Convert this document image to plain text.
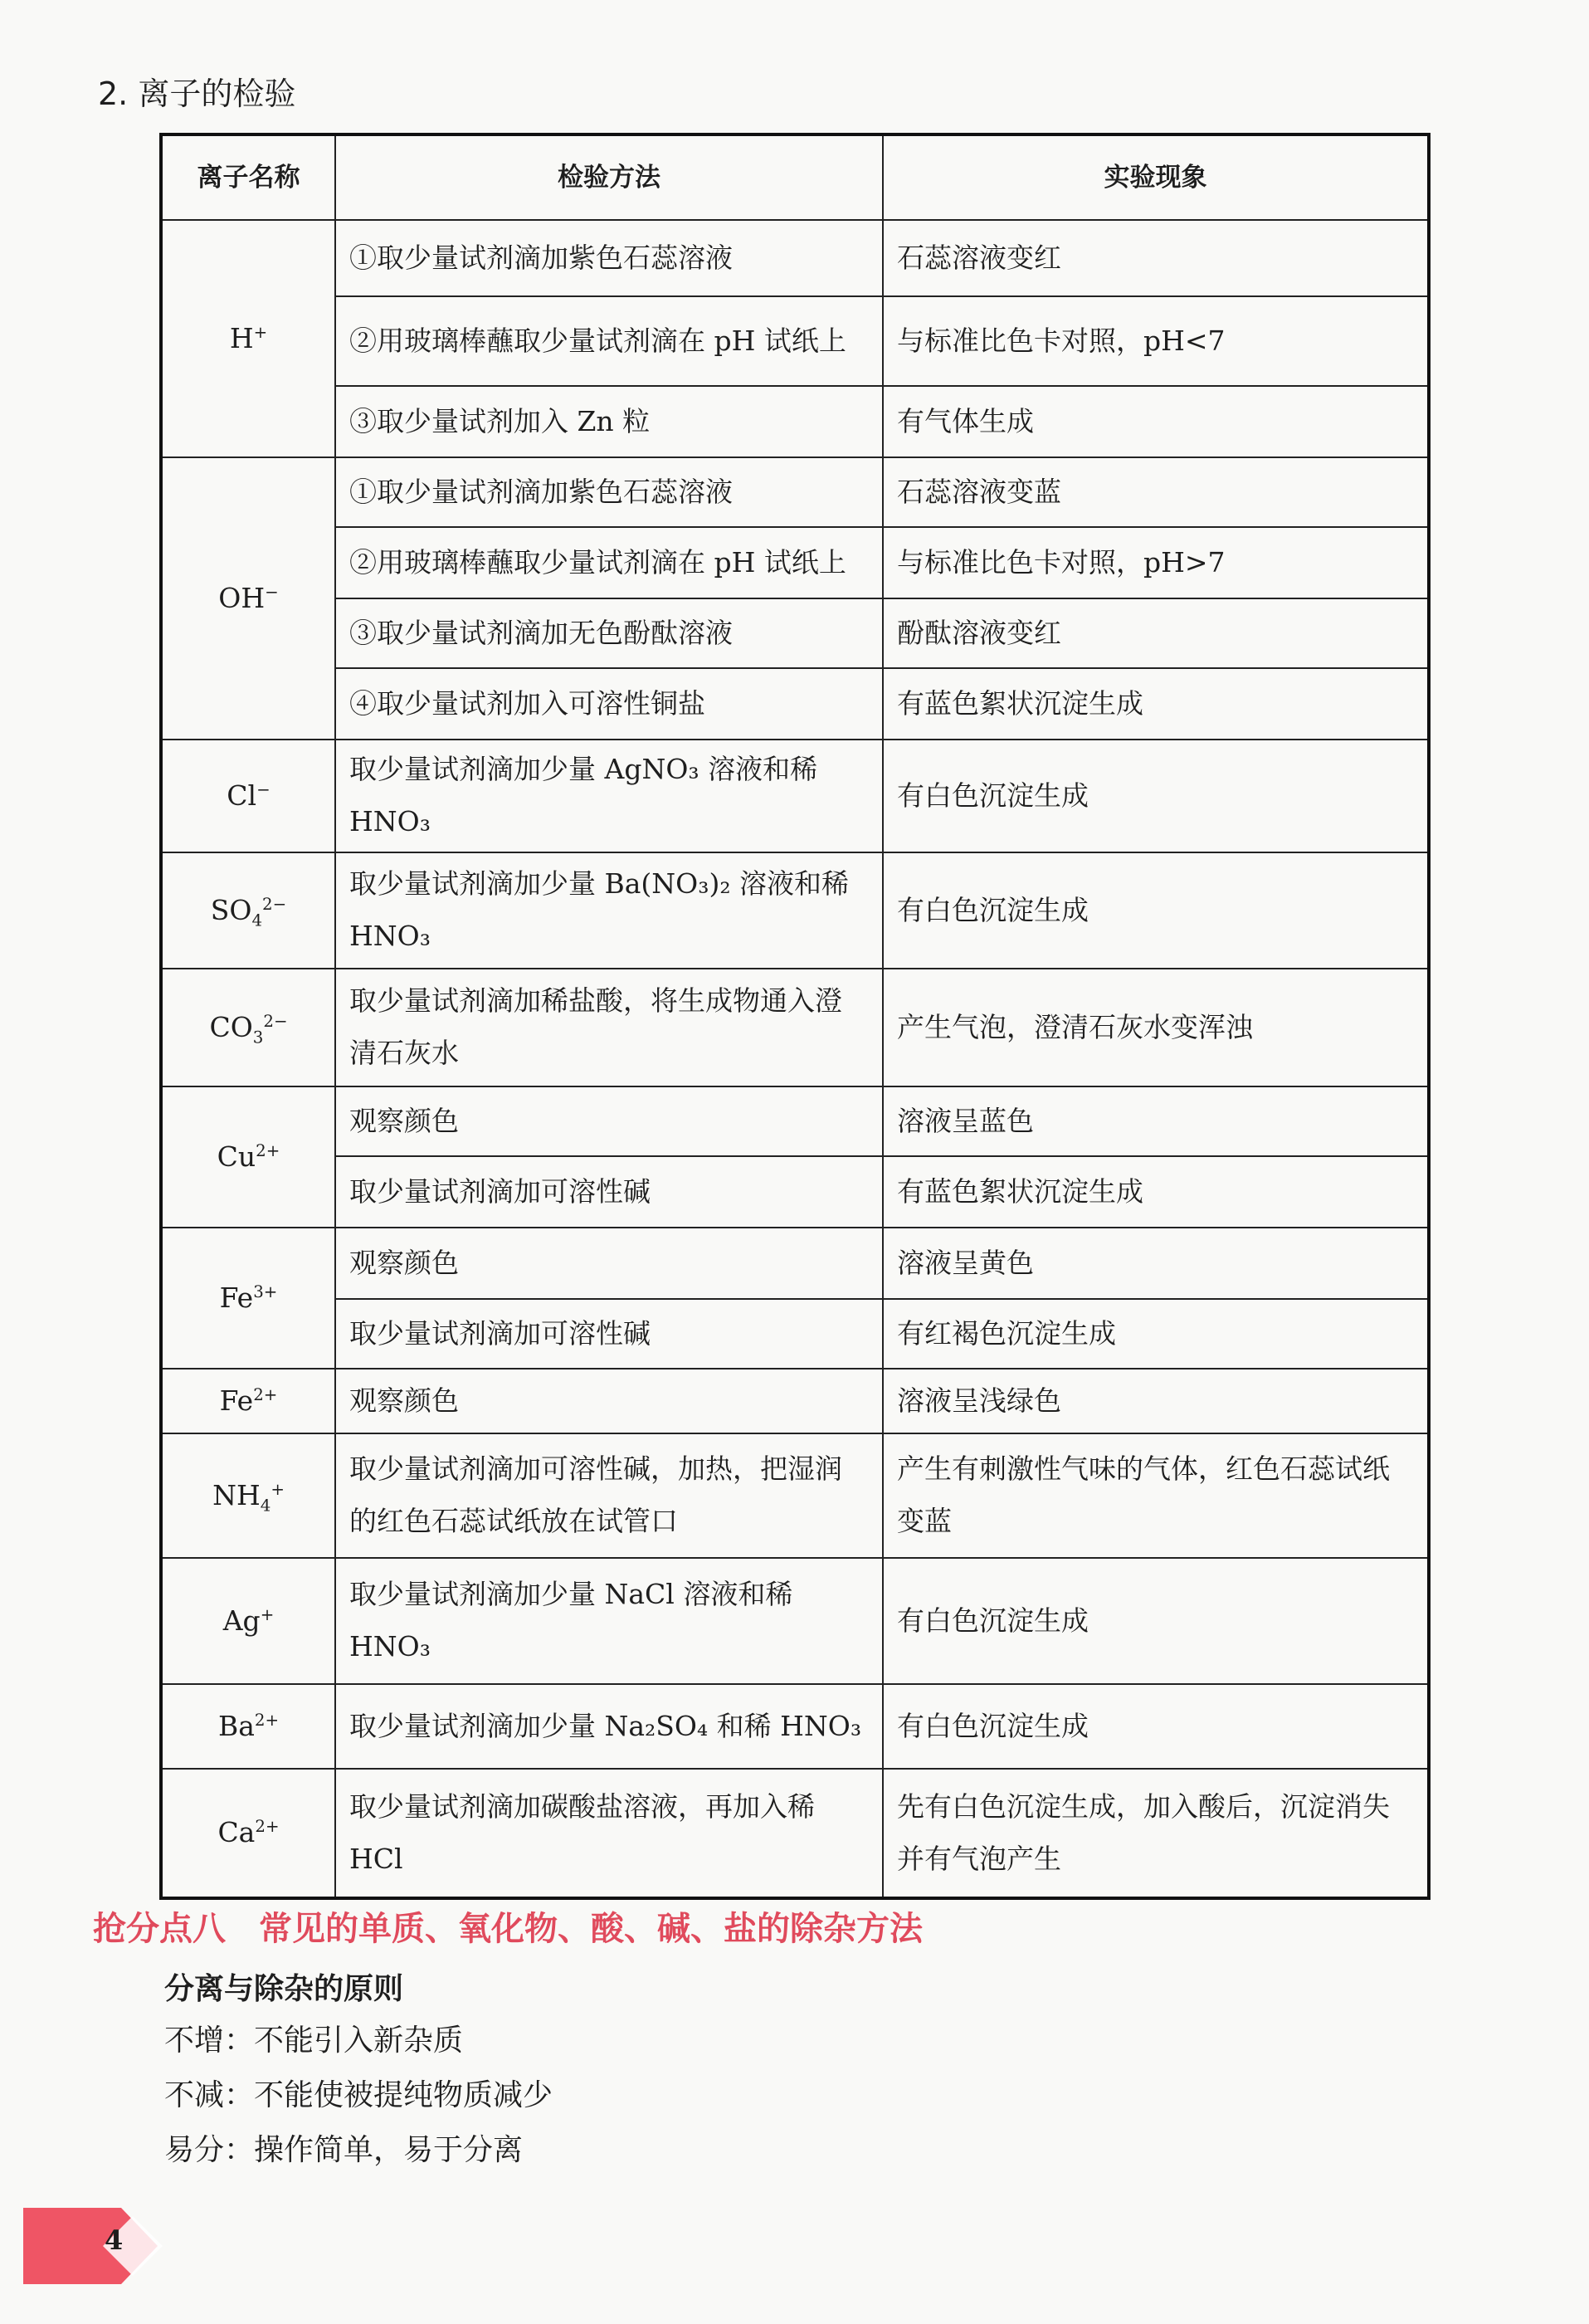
2. 离子的检验
离子名称	检验方法	实验现象
H+	①取少量试剂滴加紫色石蕊溶液	石蕊溶液变红
	②用玻璃棒蘸取少量试剂滴在 pH 试纸上	与标准比色卡对照，pH<7
	③取少量试剂加入 Zn 粒	有气体生成
OH−	①取少量试剂滴加紫色石蕊溶液	石蕊溶液变蓝
	②用玻璃棒蘸取少量试剂滴在 pH 试纸上	与标准比色卡对照，pH>7
	③取少量试剂滴加无色酚酞溶液	酚酞溶液变红
	④取少量试剂加入可溶性铜盐	有蓝色絮状沉淀生成
Cl−	取少量试剂滴加少量 AgNO₃ 溶液和稀 HNO₃	有白色沉淀生成
$SO_4^{2-}$	取少量试剂滴加少量 Ba(NO₃)₂ 溶液和稀 HNO₃	有白色沉淀生成
$CO_3^{2-}$	取少量试剂滴加稀盐酸，将生成物通入澄清石灰水	产生气泡，澄清石灰水变浑浊
$Cu^{2+}$	观察颜色	溶液呈蓝色
	取少量试剂滴加可溶性碱	有蓝色絮状沉淀生成
$Fe^{3+}$	观察颜色	溶液呈黄色
	取少量试剂滴加可溶性碱	有红褐色沉淀生成
$Fe^{2+}$	观察颜色	溶液呈浅绿色
$NH_4^+$	取少量试剂滴加可溶性碱，加热，把湿润的红色石蕊试纸放在试管口	产生有刺激性气味的气体，红色石蕊试纸变蓝
Ag+	取少量试剂滴加少量 NaCl 溶液和稀 HNO₃	有白色沉淀生成
$Ba^{2+}$	取少量试剂滴加少量 Na₂SO₄ 和稀 HNO₃	有白色沉淀生成
$Ca^{2+}$	取少量试剂滴加碳酸盐溶液，再加入稀 HCl	先有白色沉淀生成，加入酸后，沉淀消失并有气泡产生
抢分点八　常见的单质、氧化物、酸、碱、盐的除杂方法
分离与除杂的原则

不增：不能引入新杂质

不减：不能使被提纯物质减少

易分：操作简单，易于分离

4
